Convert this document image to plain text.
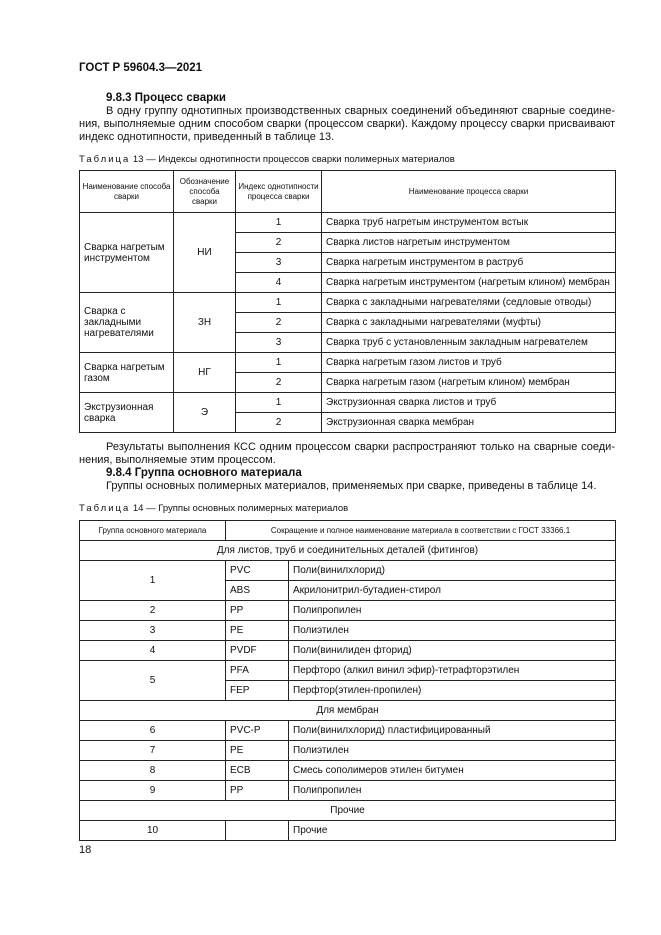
ГОСТ Р 59604.3—2021
9.8.3 Процесс сварки
В одну группу однотипных производственных сварных соединений объединяют сварные соедине-ния, выполняемые одним способом сварки (процессом сварки). Каждому процессу сварки присваивают индекс однотипности, приведенный в таблице 13.
Таблица 13 — Индексы однотипности процессов сварки полимерных материалов
Наименование способа сварки	Обозначение способа сварки	Индекс однотипности процесса сварки	Наименование процесса сварки
Сварка нагретым инструментом	НИ	1	Сварка труб нагретым инструментом встык
		2	Сварка листов нагретым инструментом
		3	Сварка нагретым инструментом в раструб
		4	Сварка нагретым инструментом (нагретым клином) мембран
Сварка с закладными нагревателями	ЗН	1	Сварка с закладными нагревателями (седловые отводы)
		2	Сварка с закладными нагревателями (муфты)
		3	Сварка труб с установленным закладным нагревателем
Сварка нагретым газом	НГ	1	Сварка нагретым газом листов и труб
		2	Сварка нагретым газом (нагретым клином) мембран
Экструзионная сварка	Э	1	Экструзионная сварка листов и труб
		2	Экструзионная сварка мембран
Результаты выполнения КСС одним процессом сварки распространяют только на сварные соеди-нения, выполняемые этим процессом.
9.8.4 Группа основного материала
Группы основных полимерных материалов, применяемых при сварке, приведены в таблице 14.
Таблица 14 — Группы основных полимерных материалов
Группа основного материала	Сокращение и полное наименование материала в соответствии с ГОСТ 33366.1	
Для листов, труб и соединительных деталей (фитингов)		
1	PVC	Поли(винилхлорид)
	ABS	Акрилонитрил-бутадиен-стирол
2	PP	Полипропилен
3	PE	Полиэтилен
4	PVDF	Поли(винилиден фторид)
5	PFA	Перфторо (алкил винил эфир)-тетрафторэтилен
	FEP	Перфтор(этилен-пропилен)
Для мембран		
6	PVC-P	Поли(винилхлорид) пластифицированный
7	PE	Полиэтилен
8	ECB	Смесь сополимеров этилен битумен
9	PP	Полипропилен
Прочие		
10		Прочие
18
